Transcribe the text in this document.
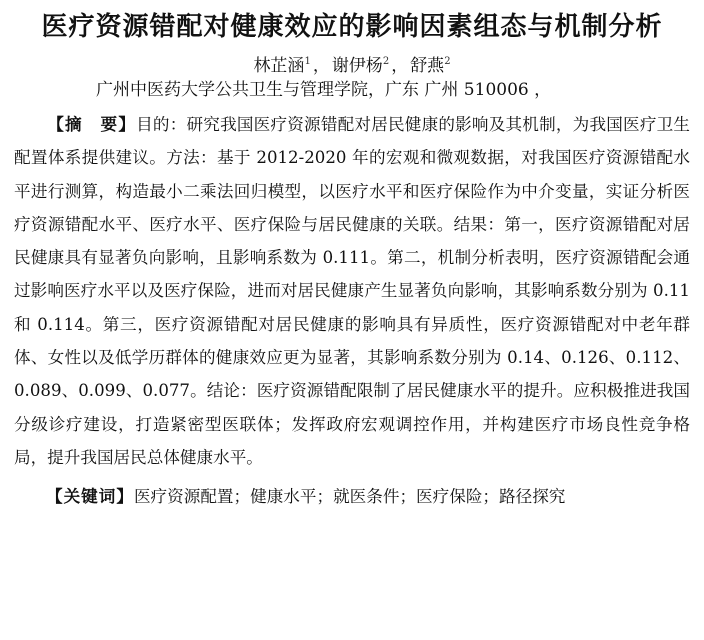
医疗资源错配对健康效应的影响因素组态与机制分析
林芷涵$^1$ ， 谢伊杨$^2$ ， 舒燕$^2$
广州中医药大学公共卫生与管理学院，广东 广州 510006 ，

【摘　要】目的：研究我国医疗资源错配对居民健康的影响及其机制，为我国医疗卫生配置体系提供建议。方法：基于 2012-2020 年的宏观和微观数据，对我国医疗资源错配水平进行测算，构造最小二乘法回归模型，以医疗水平和医疗保险作为中介变量，实证分析医疗资源错配水平、医疗水平、医疗保险与居民健康的关联。结果：第一，医疗资源错配对居民健康具有显著负向影响，且影响系数为 0.111。第二，机制分析表明，医疗资源错配会通过影响医疗水平以及医疗保险，进而对居民健康产生显著负向影响，其影响系数分别为 0.11 和 0.114。第三，医疗资源错配对居民健康的影响具有异质性，医疗资源错配对中老年群体、女性以及低学历群体的健康效应更为显著，其影响系数分别为 0.14、0.126、0.112、0.089、0.099、0.077。结论：医疗资源错配限制了居民健康水平的提升。应积极推进我国分级诊疗建设，打造紧密型医联体；发挥政府宏观调控作用，并构建医疗市场良性竞争格局，提升我国居民总体健康水平。

【关键词】医疗资源配置；健康水平；就医条件；医疗保险；路径探究
